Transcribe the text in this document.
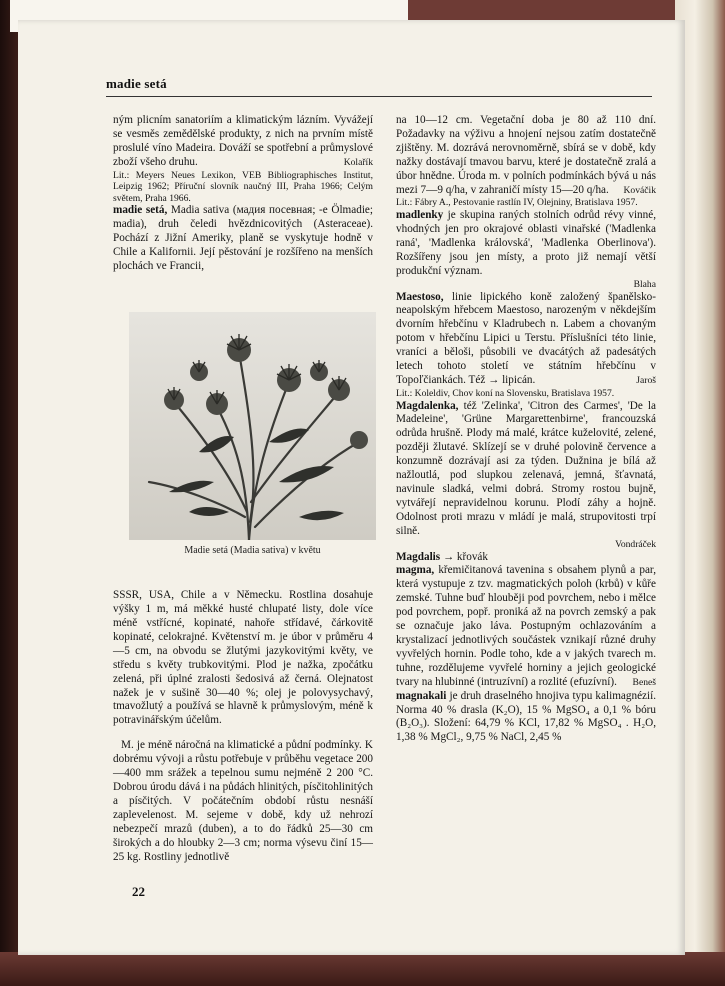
madie setá

ným plicním sanatoriím a klimatickým lázním. Vyvážejí se vesměs zemědělské produkty, z nich na prvním místě proslulé víno Madeira. Dováží se spotřební a průmyslové zboží všeho druhu.	Kolařík

Lit.: Meyers Neues Lexikon, VEB Bibliographisches Institut, Leipzig 1962; Příruční slovník naučný III, Praha 1966; Celým světem, Praha 1966.

madie setá, Madia sativa (мадия посевная; -e Ölmadie; madia), druh čeledi hvězdnicovitých (Asteraceae). Pochází z Jižní Ameriky, planě se vyskytuje hodně v Chile a Kalifornii. Její pěstování je rozšířeno na menších plochách ve Francii,

Madie setá (Madia sativa) v květu

SSSR, USA, Chile a v Německu. Rostlina dosahuje výšky 1 m, má měkké husté chlupaté listy, dole více méně vstřícné, kopinaté, nahoře střídavé, čárkovitě kopinaté, celokrajné. Květenství m. je úbor v průměru 4—5 cm, na obvodu se žlutými jazykovitými květy, ve středu s květy trubkovitými. Plod je nažka, zpočátku zelená, při úplné zralosti šedosivá až černá. Olejnatost nažek je v sušině 30—40 %; olej je polovysychavý, tmavožlutý a používá se hlavně k průmyslovým, méně k potravinářským účelům.

M. je méně náročná na klimatické a půdní podmínky. K dobrému vývoji a růstu potřebuje v průběhu vegetace 200—400 mm srážek a tepelnou sumu nejméně 2 200 °C. Dobrou úrodu dává i na půdách hlinitých, písčitohlinitých a písčitých. V počátečním období růstu nesnáší zaplevelenost. M. sejeme v době, kdy už nehrozí nebezpečí mrazů (duben), a to do řádků 25—30 cm širokých a do hloubky 2—3 cm; norma výsevu činí 15—25 kg. Rostliny jednotlivě

na 10—12 cm. Vegetační doba je 80 až 110 dní. Požadavky na výživu a hnojení nejsou zatím dostatečně zjištěny. M. dozrává nerovnoměrně, sbírá se v době, kdy nažky dostávají tmavou barvu, které je dostatečně zralá a úbor hnědne. Úroda m. v polních podmínkách bývá u nás mezi 7—9 q/ha, v zahraničí místy 15—20 q/ha. Kováčik

Lit.: Fábry A., Pestovanie rastlín IV, Olejniny, Bratislava 1957.

madlenky je skupina raných stolních odrůd révy vinné, vhodných jen pro okrajové oblasti vinařské ('Madlenka raná', 'Madlenka královská', 'Madlenka Oberlinova'). Rozšířeny jsou jen místy, a proto již nemají větší produkční význam.

Blaha

Maestoso, linie lipického koně založený španělsko-neapolským hřebcem Maestoso, narozeným v někdejším dvorním hřebčínu v Kladrubech n. Labem a chovaným potom v hřebčínu Lipici u Terstu. Příslušníci této linie, vraníci a běloši, působili ve dvacátých až padesátých letech tohoto století ve státním hřebčínu v Topoľčiankách. Též → lipicán.	Jaroš

Lit.: Koleldiv, Chov koní na Slovensku, Bratislava 1957.

Magdalenka, též 'Zelinka', 'Citron des Carmes', 'De la Madeleine', 'Grüne Margarettenbirne', francouzská odrůda hrušně. Plody má malé, krátce kuželovité, zelené, později žlutavé. Sklízejí se v druhé polovině července a konzumně dozrávají asi za týden. Dužnina je bílá až nažloutlá, pod slupkou zelenavá, jemná, šťavnatá, navinule sladká, velmi dobrá. Stromy rostou bujně, vytvářejí nepravidelnou korunu. Plodí záhy a hojně. Odolnost proti mrazu v mládí je malá, strupovitosti trpí silně.

Vondráček

Magdalis → křovák

magma, křemičitanová tavenina s obsahem plynů a par, která vystupuje z tzv. magmatických poloh (krbů) v kůře zemské. Tuhne buď hlouběji pod povrchem, nebo i mělce pod povrchem, popř. proniká až na povrch zemský a pak se označuje jako láva. Postupným ochlazováním a krystalizací jednotlivých součástek vznikají různé druhy vyvřelých hornin. Podle toho, kde a v jakých tvarech m. tuhne, rozdělujeme vyvřelé horniny a jejich geologické tvary na hlubinné (intruzívní) a rozlité (efuzívní). Beneš

magnakali je druh draselného hnojiva typu kalimagnézií. Norma 40 % drasla (K₂O), 15 % MgSO₄ a 0,1 % bóru (B₂O₃). Složení: 64,79 % KCl, 17,82 % MgSO₄ . H₂O, 1,38 % MgCl₂, 9,75 % NaCl, 2,45 %

22
